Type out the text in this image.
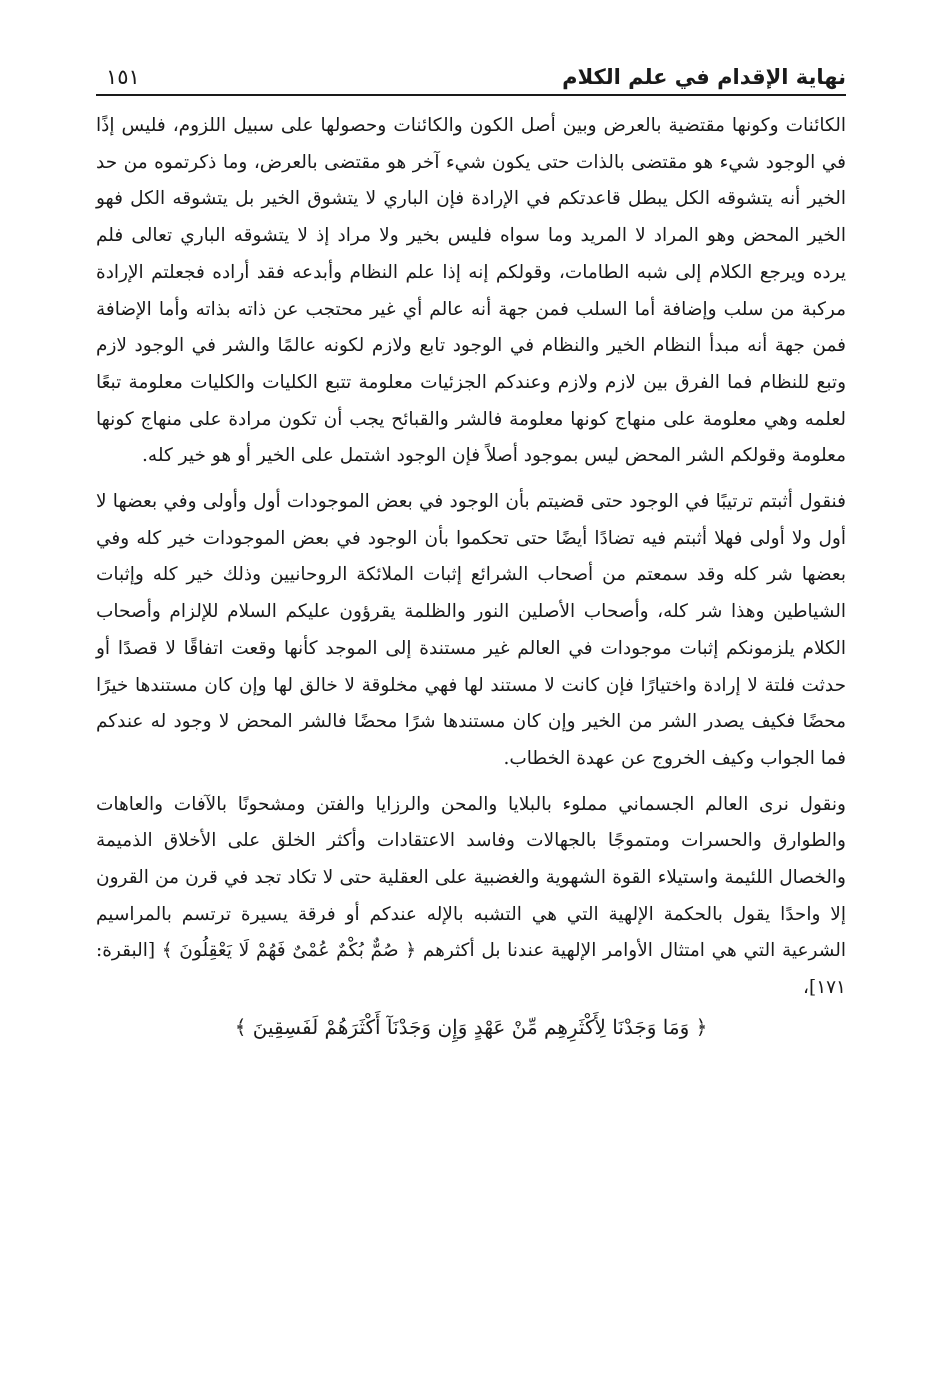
نهاية الإقدام في علم الكلام
١٥١

الكائنات وكونها مقتضية بالعرض وبين أصل الكون والكائنات وحصولها على سبيل اللزوم، فليس إذًا في الوجود شيء هو مقتضى بالذات حتى يكون شيء آخر هو مقتضى بالعرض، وما ذكرتموه من حد الخير أنه يتشوقه الكل يبطل قاعدتكم في الإرادة فإن الباري لا يتشوق الخير بل يتشوقه الكل فهو الخير المحض وهو المراد لا المريد وما سواه فليس بخير ولا مراد إذ لا يتشوقه الباري تعالى فلم يرده ويرجع الكلام إلى شبه الطامات، وقولكم إنه إذا علم النظام وأبدعه فقد أراده فجعلتم الإرادة مركبة من سلب وإضافة أما السلب فمن جهة أنه عالم أي غير محتجب عن ذاته بذاته وأما الإضافة فمن جهة أنه مبدأ النظام الخير والنظام في الوجود تابع ولازم لكونه عالمًا والشر في الوجود لازم وتبع للنظام فما الفرق بين لازم ولازم وعندكم الجزئيات معلومة تتبع الكليات والكليات معلومة تبعًا لعلمه وهي معلومة على منهاج كونها معلومة فالشر والقبائح يجب أن تكون مرادة على منهاج كونها معلومة وقولكم الشر المحض ليس بموجود أصلاً فإن الوجود اشتمل على الخير أو هو خير كله.

فنقول أثبتم ترتيبًا في الوجود حتى قضيتم بأن الوجود في بعض الموجودات أول وأولى وفي بعضها لا أول ولا أولى فهلا أثبتم فيه تضادًا أيضًا حتى تحكموا بأن الوجود في بعض الموجودات خير كله وفي بعضها شر كله وقد سمعتم من أصحاب الشرائع إثبات الملائكة الروحانيين وذلك خير كله وإثبات الشياطين وهذا شر كله، وأصحاب الأصلين النور والظلمة يقرؤون عليكم السلام للإلزام وأصحاب الكلام يلزمونكم إثبات موجودات في العالم غير مستندة إلى الموجد كأنها وقعت اتفاقًا لا قصدًا أو حدثت فلتة لا إرادة واختيارًا فإن كانت لا مستند لها فهي مخلوقة لا خالق لها وإن كان مستندها خيرًا محضًا فكيف يصدر الشر من الخير وإن كان مستندها شرًا محضًا فالشر المحض لا وجود له عندكم فما الجواب وكيف الخروج عن عهدة الخطاب.

ونقول نرى العالم الجسماني مملوء بالبلايا والمحن والرزايا والفتن ومشحونًا بالآفات والعاهات والطوارق والحسرات ومتموجًا بالجهالات وفاسد الاعتقادات وأكثر الخلق على الأخلاق الذميمة والخصال اللئيمة واستيلاء القوة الشهوية والغضبية على العقلية حتى لا تكاد تجد في قرن من القرون إلا واحدًا يقول بالحكمة الإلهية التي هي التشبه بالإله عندكم أو فرقة يسيرة ترتسم بالمراسيم الشرعية التي هي امتثال الأوامر الإلهية عندنا بل أكثرهم ﴿ صُمٌّ بُكْمٌ عُمْىٌ فَهُمْ لَا يَعْقِلُونَ ﴾ [البقرة: ١٧١]،

﴿ وَمَا وَجَدْنَا لِأَكْثَرِهِم مِّنْ عَهْدٍ وَإِن وَجَدْنَآ أَكْثَرَهُمْ لَفَسِقِينَ ﴾
